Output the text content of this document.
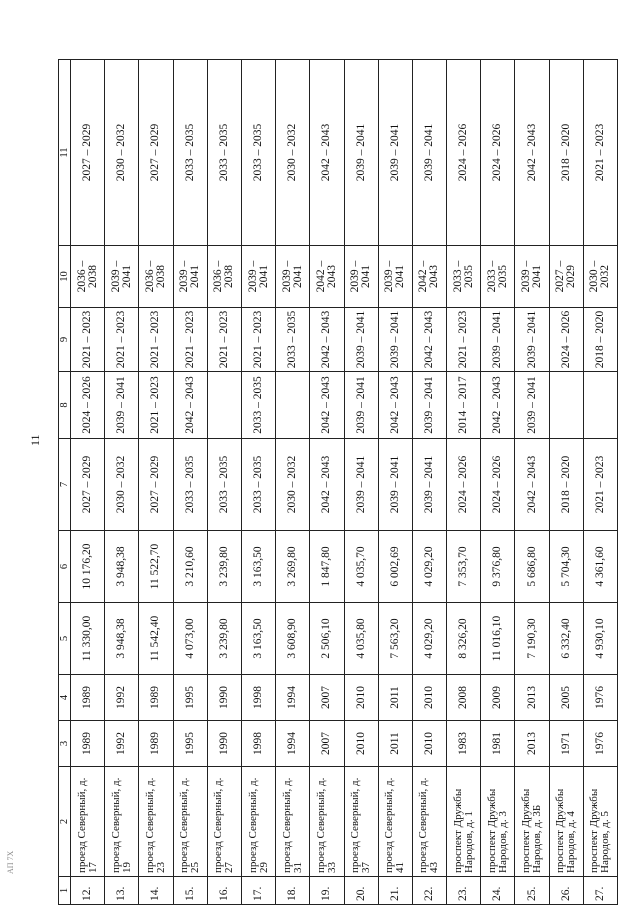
11
АП 7Х
1	2	3	4	5	6	7	8	9	10	11
12.	проезд Северный, д. 17	1989	1989	11 330,00	10 176,20	2027 – 2029	2024 – 2026	2021 – 2023	2036 – 2038	2027 – 2029
13.	проезд Северный, д. 19	1992	1992	3 948,38	3 948,38	2030 – 2032	2039 – 2041	2021 – 2023	2039 – 2041	2030 – 2032
14.	проезд Северный, д. 23	1989	1989	11 542,40	11 522,70	2027 – 2029	2021 – 2023	2021 – 2023	2036 – 2038	2027 – 2029
15.	проезд Северный, д. 25	1995	1995	4 073,00	3 210,60	2033 – 2035	2042 – 2043	2021 – 2023	2039 – 2041	2033 – 2035
16.	проезд Северный, д. 27	1990	1990	3 239,80	3 239,80	2033 – 2035		2021 – 2023	2036 – 2038	2033 – 2035
17.	проезд Северный, д. 29	1998	1998	3 163,50	3 163,50	2033 – 2035	2033 – 2035	2021 – 2023	2039 – 2041	2033 – 2035
18.	проезд Северный, д. 31	1994	1994	3 608,90	3 269,80	2030 – 2032		2033 – 2035	2039 – 2041	2030 – 2032
19.	проезд Северный, д. 33	2007	2007	2 506,10	1 847,80	2042 – 2043	2042 – 2043	2042 – 2043	2042 – 2043	2042 – 2043
20.	проезд Северный, д. 37	2010	2010	4 035,80	4 035,70	2039 – 2041	2039 – 2041	2039 – 2041	2039 – 2041	2039 – 2041
21.	проезд Северный, д. 41	2011	2011	7 563,20	6 002,69	2039 – 2041	2042 – 2043	2039 – 2041	2039 – 2041	2039 – 2041
22.	проезд Северный, д. 43	2010	2010	4 029,20	4 029,20	2039 – 2041	2039 – 2041	2042 – 2043	2042 – 2043	2039 – 2041
23.	проспект Дружбы Народов, д. 1	1983	2008	8 326,20	7 353,70	2024 – 2026	2014 – 2017	2021 – 2023	2033 – 2035	2024 – 2026
24.	проспект Дружбы Народов, д. 3	1981	2009	11 016,10	9 376,80	2024 – 2026	2042 – 2043	2039 – 2041	2033 – 2035	2024 – 2026
25.	проспект Дружбы Народов, д. 3Б	2013	2013	7 190,30	5 686,80	2042 – 2043	2039 – 2041	2039 – 2041	2039 – 2041	2042 – 2043
26.	проспект Дружбы Народов, д. 4	1971	2005	6 332,40	5 704,30	2018 – 2020		2024 – 2026	2027 – 2029	2018 – 2020
27.	проспект Дружбы Народов, д. 5	1976	1976	4 930,10	4 361,60	2021 – 2023		2018 – 2020	2030 – 2032	2021 – 2023
